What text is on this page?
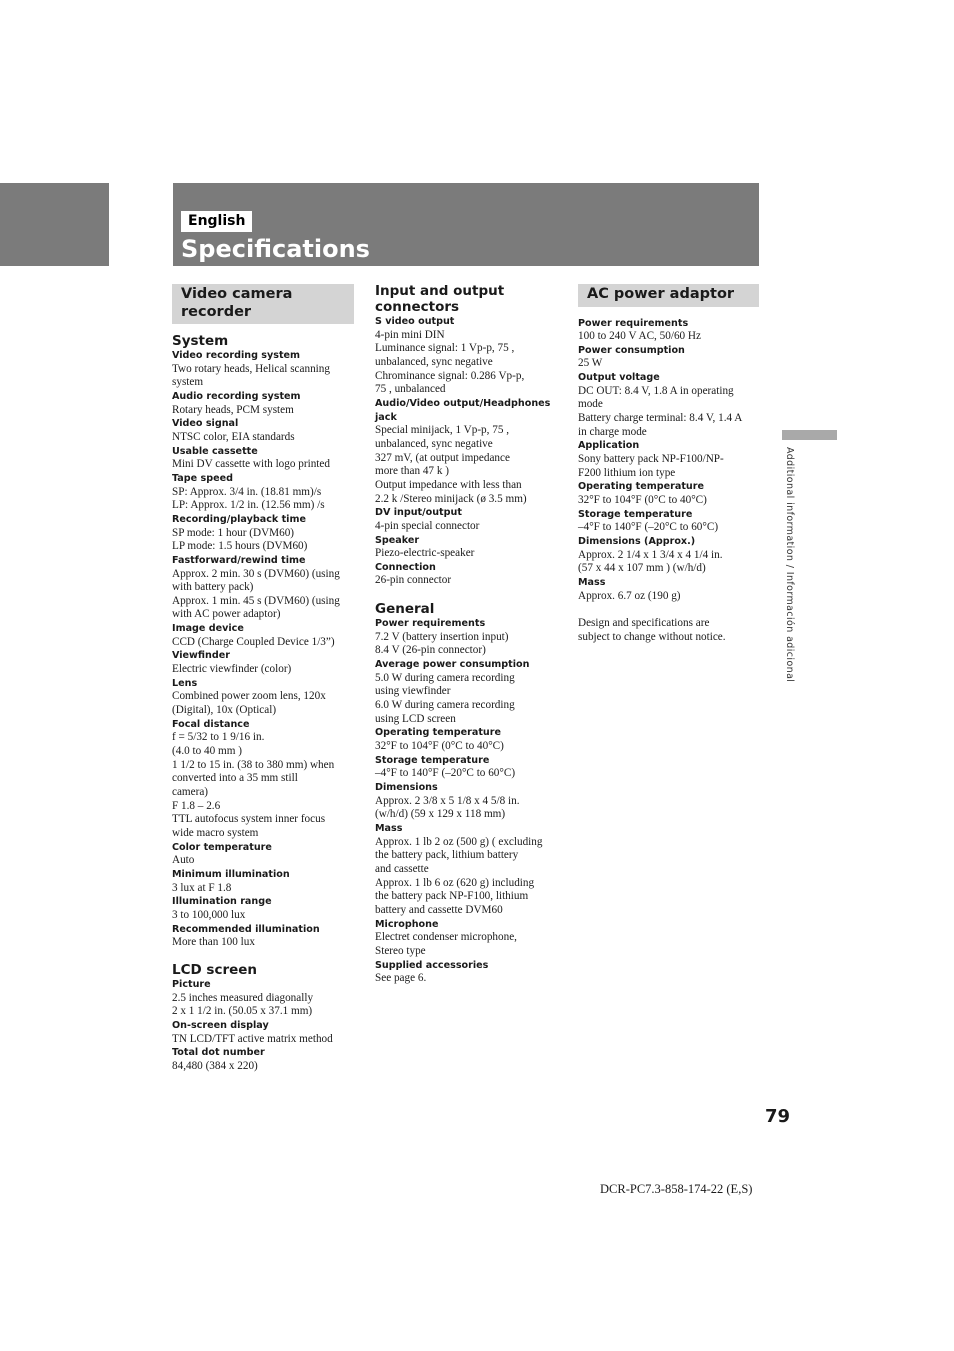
English
Specifications
Video camera recorder
System
Video recording system
Two rotary heads, Helical scanning
system
Audio recording system
Rotary heads, PCM system
Video signal
NTSC color, EIA standards
Usable cassette
Mini DV cassette with logo printed
Tape speed
SP: Approx. 3/4 in. (18.81 mm)/s
LP: Approx. 1/2 in. (12.56 mm) /s
Recording/playback time
SP mode: 1 hour (DVM60)
LP mode: 1.5 hours (DVM60)
Fastforward/rewind time
Approx. 2 min. 30 s (DVM60) (using
with battery pack)
Approx. 1 min. 45 s (DVM60) (using
with AC power adaptor)
Image device
CCD (Charge Coupled Device 1/3”)
Viewfinder
Electric viewfinder (color)
Lens
Combined power zoom lens, 120x
(Digital), 10x (Optical)
Focal distance
f = 5/32 to 1 9/16 in.
(4.0 to 40 mm )
1 1/2 to 15 in. (38 to 380 mm) when
converted into a 35 mm still
camera)
F 1.8 – 2.6
TTL autofocus system inner focus
wide macro system
Color temperature
Auto
Minimum illumination
3 lux at F 1.8
Illumination range
3 to 100,000 lux
Recommended illumination
More than 100 lux
LCD screen
Picture
2.5 inches measured diagonally
2 x 1 1/2 in. (50.05 x 37.1 mm)
On-screen display
TN LCD/TFT active matrix method
Total dot number
84,480 (384 x 220)
Input and output connectors
S video output
4-pin mini DIN
Luminance signal: 1 Vp-p, 75 ,
unbalanced, sync negative
Chrominance signal: 0.286 Vp-p,
75 , unbalanced
Audio/Video output/Headphones jack
Special minijack, 1 Vp-p, 75 ,
unbalanced, sync negative
327 mV, (at output impedance
more than 47 k )
Output impedance with less than
2.2 k /Stereo minijack (ø 3.5 mm)
DV input/output
4-pin special connector
Speaker
Piezo-electric-speaker
Connection
26-pin connector
General
Power requirements
7.2 V (battery insertion input)
8.4 V (26-pin connector)
Average power consumption
5.0 W during camera recording
using viewfinder
6.0 W during camera recording
using LCD screen
Operating temperature
32°F to 104°F (0°C to 40°C)
Storage temperature
–4°F to 140°F (–20°C to 60°C)
Dimensions
Approx. 2 3/8 x 5 1/8 x 4 5/8 in.
(w/h/d) (59 x 129 x 118 mm)
Mass
Approx. 1 lb 2 oz (500 g) ( excluding
the battery pack, lithium battery
and cassette
Approx. 1 lb 6 oz (620 g) including
the battery pack NP-F100, lithium
battery and cassette DVM60
Microphone
Electret condenser microphone,
Stereo type
Supplied accessories
See page 6.
AC power adaptor
Power requirements
100 to 240 V AC, 50/60 Hz
Power consumption
25 W
Output voltage
DC OUT: 8.4 V, 1.8 A in operating
mode
Battery charge terminal: 8.4 V, 1.4 A
in charge mode
Application
Sony battery pack NP-F100/NP-
F200 lithium ion type
Operating temperature
32°F to 104°F (0°C to 40°C)
Storage temperature
–4°F to 140°F (–20°C to 60°C)
Dimensions (Approx.)
Approx. 2 1/4 x 1 3/4 x 4 1/4 in.
(57 x 44 x 107 mm ) (w/h/d)
Mass
Approx. 6.7 oz (190 g)
Design and specifications are
subject to change without notice.	Additional information / Información adicional
79
DCR-PC7.3-858-174-22 (E,S)
